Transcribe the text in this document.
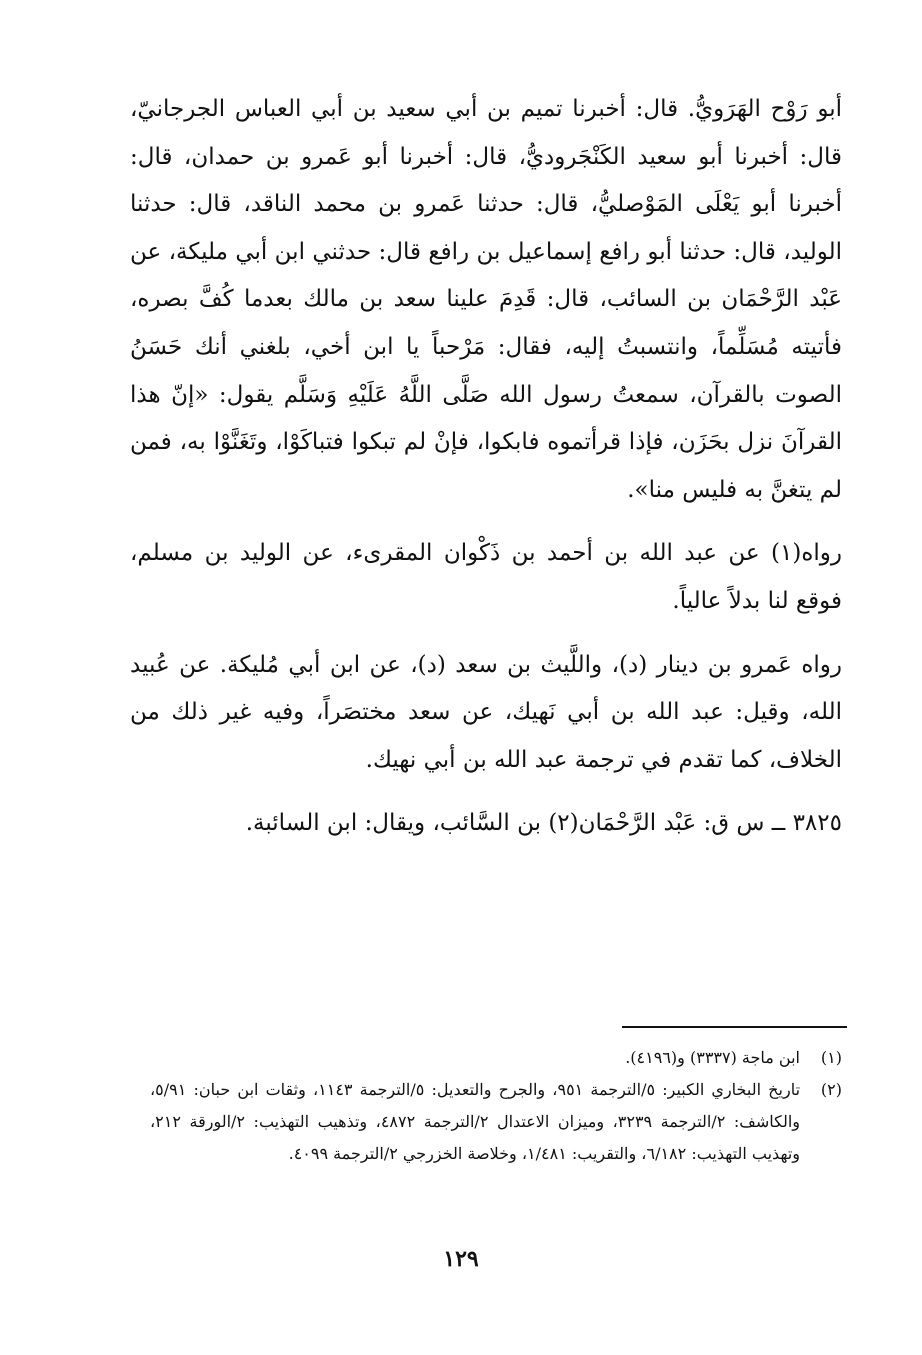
أبو رَوْح الهَرَويُّ. قال: أخبرنا تميم بن أبي سعيد بن أبي العباس الجرجانيّ، قال: أخبرنا أبو سعيد الكَنْجَروديُّ، قال: أخبرنا أبو عَمرو بن حمدان، قال: أخبرنا أبو يَعْلَى المَوْصليُّ، قال: حدثنا عَمرو بن محمد الناقد، قال: حدثنا الوليد، قال: حدثنا أبو رافع إسماعيل بن رافع قال: حدثني ابن أبي مليكة، عن عَبْد الرَّحْمَان بن السائب، قال: قَدِمَ علينا سعد بن مالك بعدما كُفَّ بصره، فأتيته مُسَلِّماً، وانتسبتُ إليه، فقال: مَرْحباً يا ابن أخي، بلغني أنك حَسَنُ الصوت بالقرآن، سمعتُ رسول الله صَلَّى اللَّهُ عَلَيْهِ وَسَلَّم يقول: «إنّ هذا القرآنَ نزل بحَزَن، فإذا قرأتموه فابكوا، فإنْ لم تبكوا فتباكَوْا، وتَغَنَّوْا به، فمن لم يتغنَّ به فليس منا».

رواه(١) عن عبد الله بن أحمد بن ذَكْوان المقرىء، عن الوليد بن مسلم، فوقع لنا بدلاً عالياً.

رواه عَمرو بن دينار (د)، واللَّيث بن سعد (د)، عن ابن أبي مُليكة. عن عُبيد الله، وقيل: عبد الله بن أبي نَهيك، عن سعد مختصَراً، وفيه غير ذلك من الخلاف، كما تقدم في ترجمة عبد الله بن أبي نهيك.

٣٨٢٥ ــ س ق: عَبْد الرَّحْمَان(٢) بن السَّائب، ويقال: ابن السائبة.

(١)
ابن ماجة (٣٣٣٧) و(٤١٩٦).
(٢)
تاريخ البخاري الكبير: ٥/الترجمة ٩٥١، والجرح والتعديل: ٥/الترجمة ١١٤٣، وثقات ابن حبان: ٥/٩١، والكاشف: ٢/الترجمة ٣٢٣٩، وميزان الاعتدال ٢/الترجمة ٤٨٧٢، وتذهيب التهذيب: ٢/الورقة ٢١٢، وتهذيب التهذيب: ٦/١٨٢، والتقريب: ١/٤٨١، وخلاصة الخزرجي ٢/الترجمة ٤٠٩٩.
١٢٩
